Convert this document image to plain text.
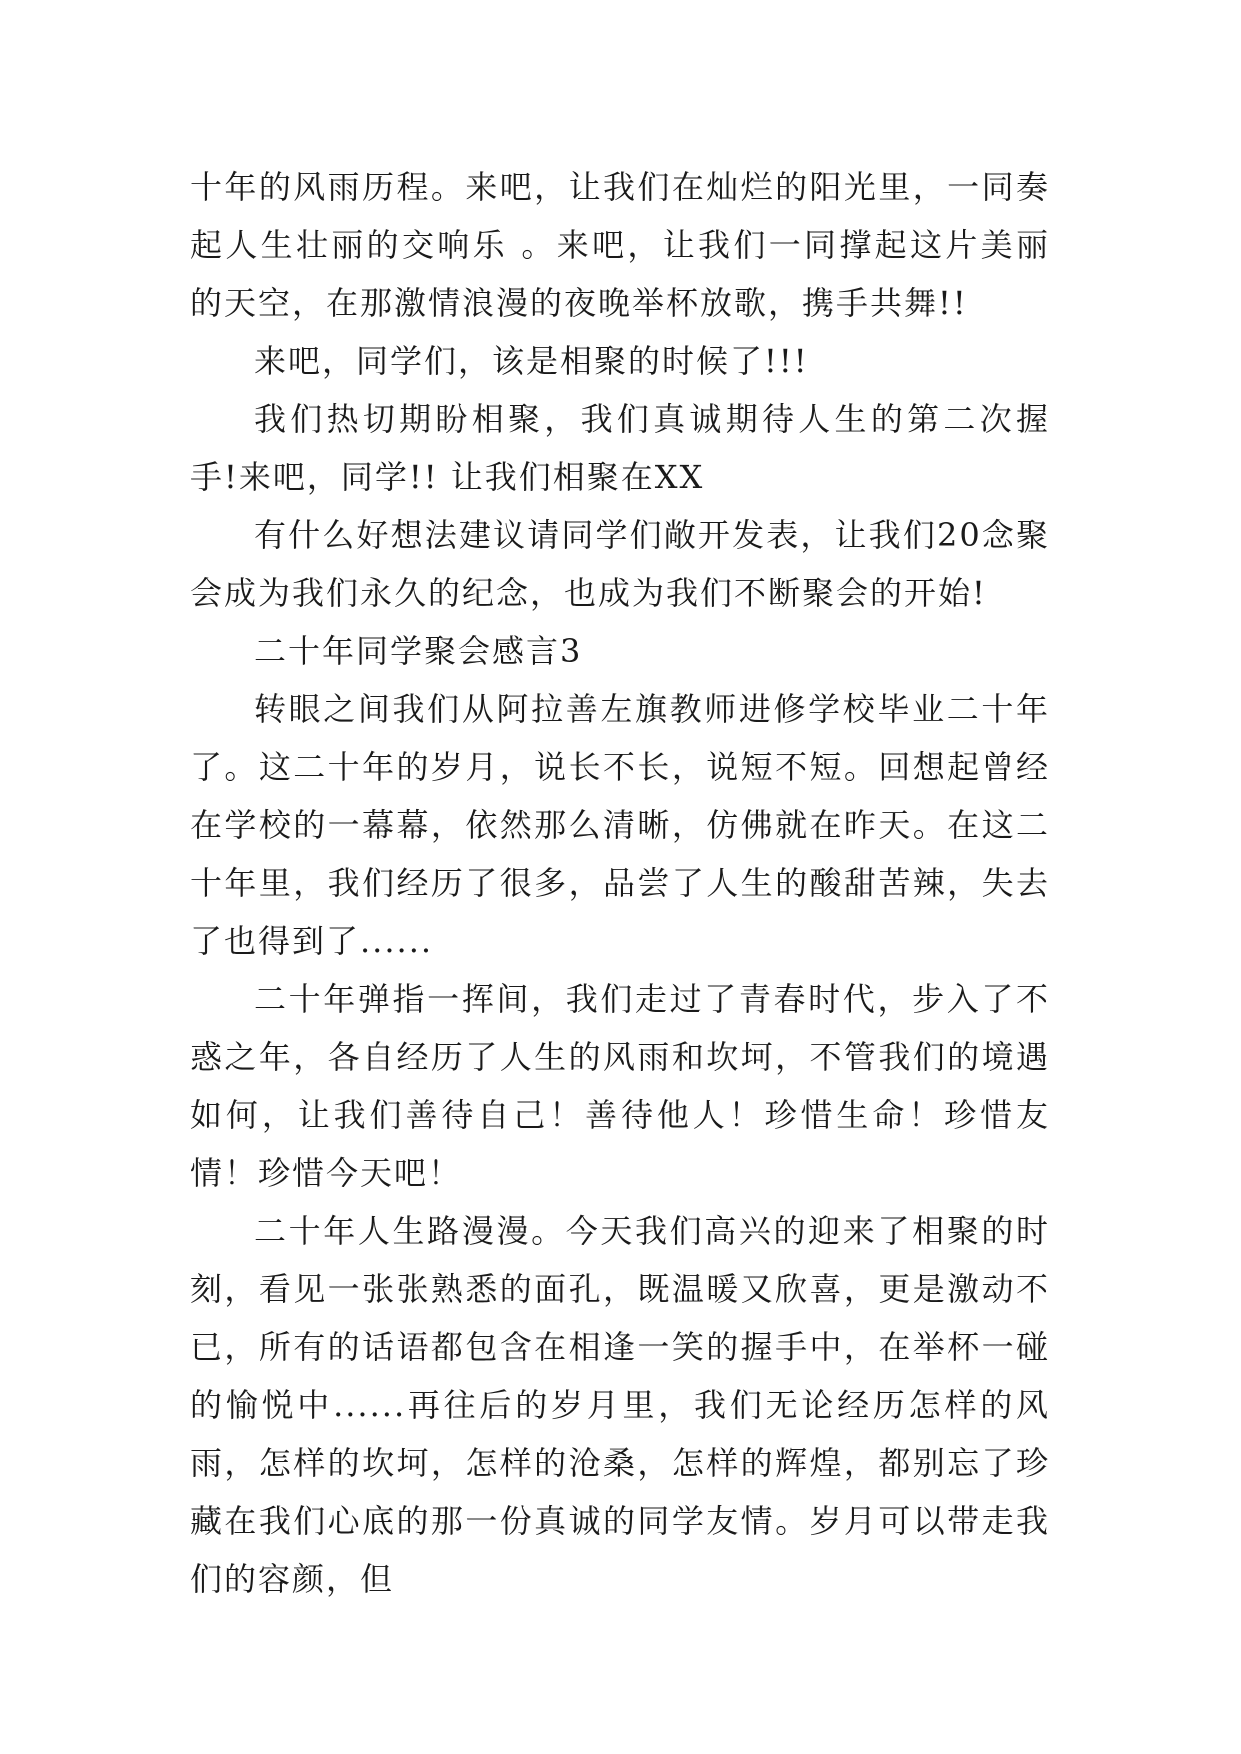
十年的风雨历程。来吧，让我们在灿烂的阳光里，一同奏起人生壮丽的交响乐 。来吧，让我们一同撑起这片美丽的天空，在那激情浪漫的夜晚举杯放歌，携手共舞!!

来吧，同学们，该是相聚的时候了!!!

我们热切期盼相聚，我们真诚期待人生的第二次握手!来吧，同学!! 让我们相聚在XX

有什么好想法建议请同学们敞开发表，让我们20念聚会成为我们永久的纪念，也成为我们不断聚会的开始!

二十年同学聚会感言3

转眼之间我们从阿拉善左旗教师进修学校毕业二十年了。这二十年的岁月，说长不长，说短不短。回想起曾经在学校的一幕幕，依然那么清晰，仿佛就在昨天。在这二十年里，我们经历了很多，品尝了人生的酸甜苦辣，失去了也得到了......

二十年弹指一挥间，我们走过了青春时代，步入了不惑之年，各自经历了人生的风雨和坎坷，不管我们的境遇如何，让我们善待自己！善待他人！珍惜生命！珍惜友情！珍惜今天吧！

二十年人生路漫漫。今天我们高兴的迎来了相聚的时刻，看见一张张熟悉的面孔，既温暖又欣喜，更是激动不已，所有的话语都包含在相逢一笑的握手中，在举杯一碰的愉悦中......再往后的岁月里，我们无论经历怎样的风雨，怎样的坎坷，怎样的沧桑，怎样的辉煌，都别忘了珍藏在我们心底的那一份真诚的同学友情。岁月可以带走我们的容颜，但
